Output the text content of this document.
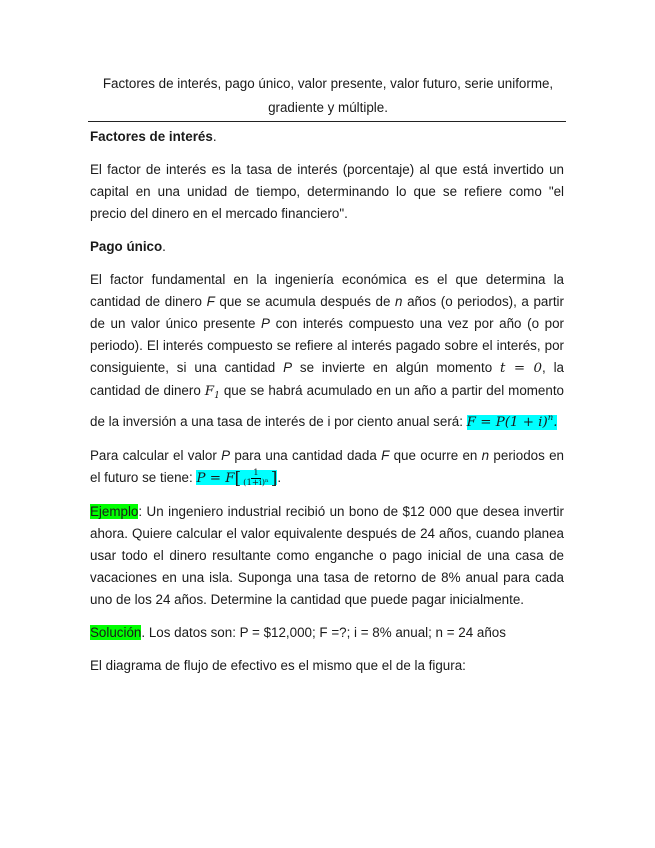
Factores de interés, pago único, valor presente, valor futuro, serie uniforme,
gradiente y múltiple.

Factores de interés.

El factor de interés es la tasa de interés (porcentaje) al que está invertido un capital en una unidad de tiempo, determinando lo que se refiere como "el precio del dinero en el mercado financiero".

Pago único.

El factor fundamental en la ingeniería económica es el que determina la cantidad de dinero F que se acumula después de n años (o periodos), a partir de un valor único presente P con interés compuesto una vez por año (o por periodo). El interés compuesto se refiere al interés pagado sobre el interés, por consiguiente, si una cantidad P se invierte en algún momento t = 0, la cantidad de dinero $F_1$ que se habrá acumulado en un año a partir del momento de la inversión a una tasa de interés de i por ciento anual será: $F = P(1 + i)^n$.

Para calcular el valor P para una cantidad dada F que ocurre en n periodos en el futuro se tiene: $P = F[ \frac{1}{\text{(1+i)ⁿ}}$ ].

Ejemplo: Un ingeniero industrial recibió un bono de $12 000 que desea invertir ahora. Quiere calcular el valor equivalente después de 24 años, cuando planea usar todo el dinero resultante como enganche o pago inicial de una casa de vacaciones en una isla. Suponga una tasa de retorno de 8% anual para cada uno de los 24 años. Determine la cantidad que puede pagar inicialmente.

Solución. Los datos son: P = $12,000; F =?; i = 8% anual; n = 24 años

El diagrama de flujo de efectivo es el mismo que el de la figura:
